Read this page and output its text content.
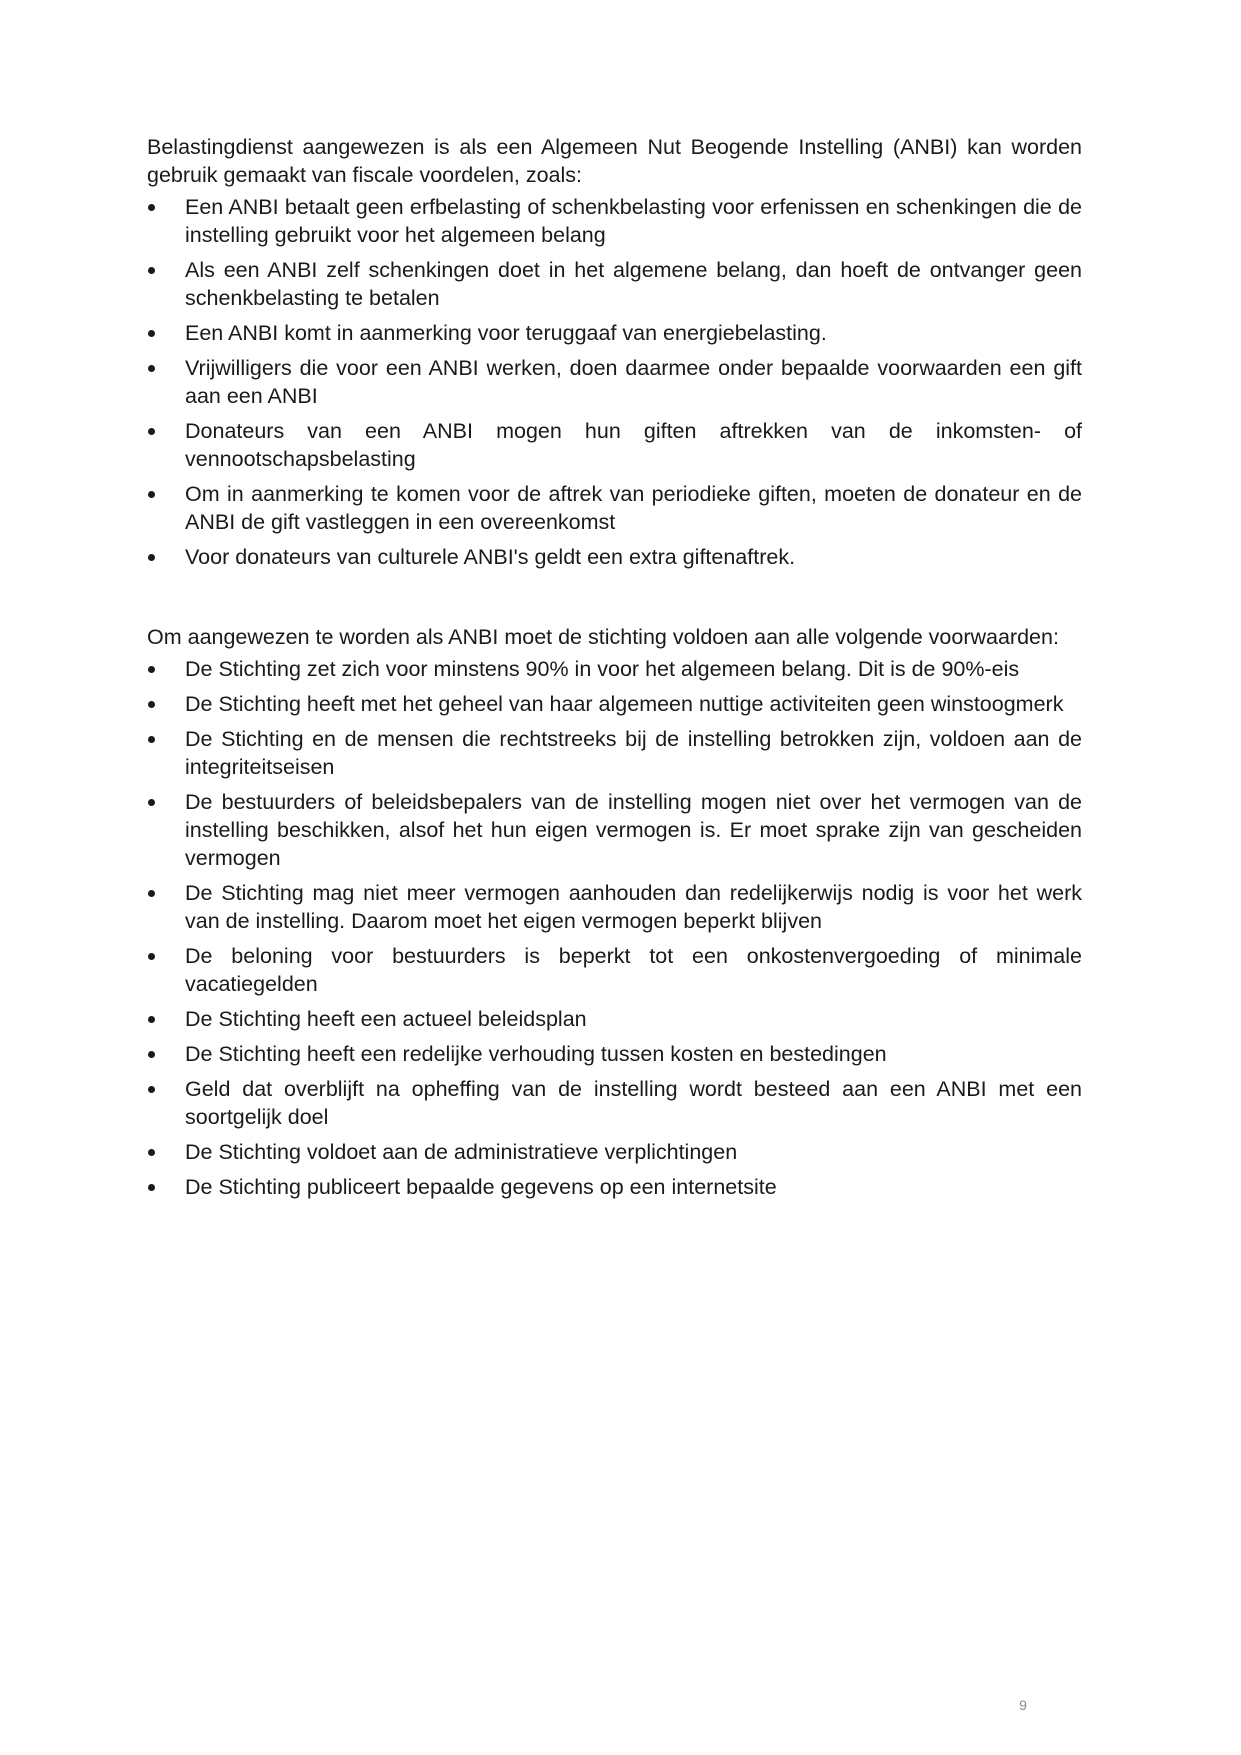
Belastingdienst aangewezen is als een Algemeen Nut Beogende Instelling (ANBI) kan worden gebruik gemaakt van fiscale voordelen, zoals:

Een ANBI betaalt geen erfbelasting of schenkbelasting voor erfenissen en schenkingen die de instelling gebruikt voor het algemeen belang
Als een ANBI zelf schenkingen doet in het algemene belang, dan hoeft de ontvanger geen schenkbelasting te betalen
Een ANBI komt in aanmerking voor teruggaaf van energiebelasting.
Vrijwilligers die voor een ANBI werken, doen daarmee onder bepaalde voorwaarden een gift aan een ANBI
Donateurs van een ANBI mogen hun giften aftrekken van de inkomsten- of vennootschapsbelasting
Om in aanmerking te komen voor de aftrek van periodieke giften, moeten de donateur en de ANBI de gift vastleggen in een overeenkomst
Voor donateurs van culturele ANBI's geldt een extra giftenaftrek.

Om aangewezen te worden als ANBI moet de stichting voldoen aan alle volgende voorwaarden:

De Stichting zet zich voor minstens 90% in voor het algemeen belang. Dit is de 90%-eis
De Stichting heeft met het geheel van haar algemeen nuttige activiteiten geen winstoogmerk
De Stichting en de mensen die rechtstreeks bij de instelling betrokken zijn, voldoen aan de integriteitseisen
De bestuurders of beleidsbepalers van de instelling mogen niet over het vermogen van de instelling beschikken, alsof het hun eigen vermogen is. Er moet sprake zijn van gescheiden vermogen
De Stichting mag niet meer vermogen aanhouden dan redelijkerwijs nodig is voor het werk van de instelling. Daarom moet het eigen vermogen beperkt blijven
De beloning voor bestuurders is beperkt tot een onkostenvergoeding of minimale vacatiegelden
De Stichting heeft een actueel beleidsplan
De Stichting heeft een redelijke verhouding tussen kosten en bestedingen
Geld dat overblijft na opheffing van de instelling wordt besteed aan een ANBI met een soortgelijk doel
De Stichting voldoet aan de administratieve verplichtingen
De Stichting publiceert bepaalde gegevens op een internetsite
9
